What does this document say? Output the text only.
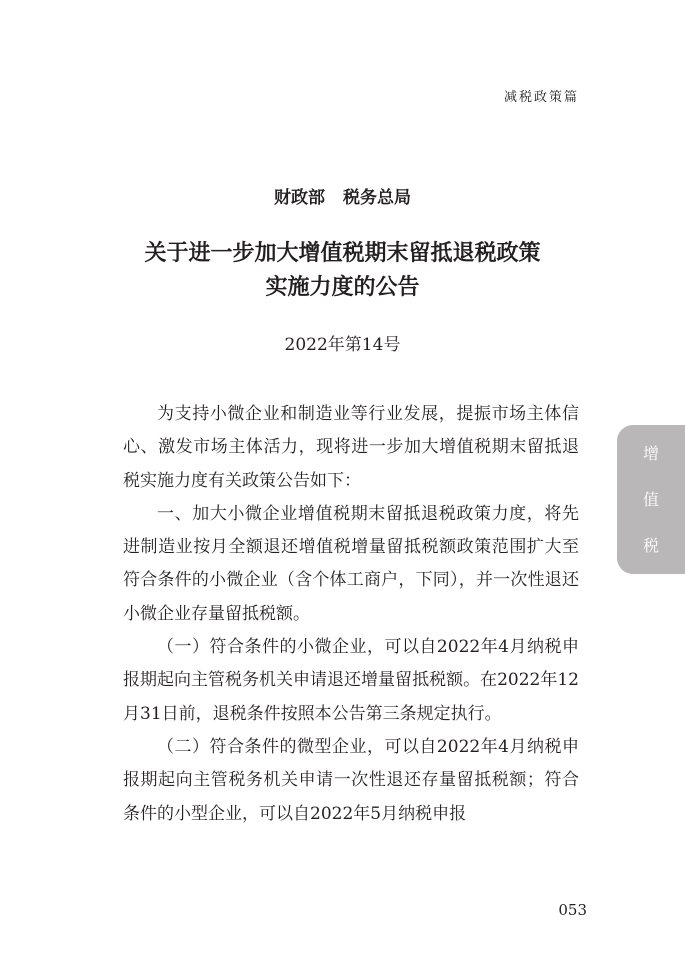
减税政策篇
财政部 税务总局
关于进一步加大增值税期末留抵退税政策
实施力度的公告
2022年第14号

为支持小微企业和制造业等行业发展，提振市场主体信心、激发市场主体活力，现将进一步加大增值税期末留抵退税实施力度有关政策公告如下：

一、加大小微企业增值税期末留抵退税政策力度，将先进制造业按月全额退还增值税增量留抵税额政策范围扩大至符合条件的小微企业（含个体工商户，下同），并一次性退还小微企业存量留抵税额。

（一）符合条件的小微企业，可以自2022年4月纳税申报期起向主管税务机关申请退还增量留抵税额。在2022年12月31日前，退税条件按照本公告第三条规定执行。

（二）符合条件的微型企业，可以自2022年4月纳税申报期起向主管税务机关申请一次性退还存量留抵税额；符合条件的小型企业，可以自2022年5月纳税申报

增
值
税
053
